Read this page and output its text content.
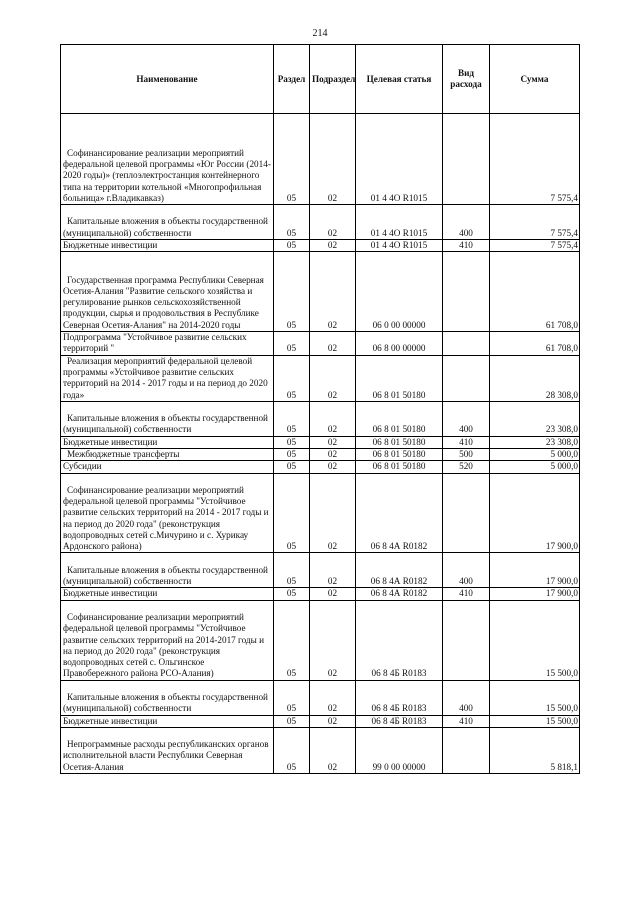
214
Наименование	Раздел	Подраздел	Целевая статья	Вид расхода	Сумма
Софинансирование реализации мероприятий федеральной целевой программы «Юг России (2014-2020 годы)» (теплоэлектростанция контейнерного типа на территории котельной «Многопрофильная больница» г.Владикавказ)	05	02	01 4 4О R1015		7 575,4
Капитальные вложения в объекты государственной (муниципальной) собственности	05	02	01 4 4О R1015	400	7 575,4
Бюджетные инвестиции	05	02	01 4 4О R1015	410	7 575,4
Государственная программа Республики Северная Осетия-Алания "Развитие сельского хозяйства и регулирование рынков сельскохозяйственной продукции, сырья и продовольствия в Республике Северная Осетия-Алания" на 2014-2020 годы	05	02	06 0 00 00000		61 708,0
Подпрограмма "Устойчивое развитие сельских территорий "	05	02	06 8 00 00000		61 708,0
Реализация мероприятий федеральной целевой программы «Устойчивое развитие сельских территорий на 2014 - 2017 годы и на период до 2020 года»	05	02	06 8 01 50180		28 308,0
Капитальные вложения в объекты государственной (муниципальной) собственности	05	02	06 8 01 50180	400	23 308,0
Бюджетные инвестиции	05	02	06 8 01 50180	410	23 308,0
Межбюджетные трансферты	05	02	06 8 01 50180	500	5 000,0
Субсидии	05	02	06 8 01 50180	520	5 000,0
Софинансирование реализации мероприятий федеральной целевой программы "Устойчивое развитие сельских территорий на 2014 - 2017 годы и на период до 2020 года" (реконструкция водопроводных сетей с.Мичурино и с. Хурикау Ардонского района)	05	02	06 8 4А R0182		17 900,0
Капитальные вложения в объекты государственной (муниципальной) собственности	05	02	06 8 4А R0182	400	17 900,0
Бюджетные инвестиции	05	02	06 8 4А R0182	410	17 900,0
Софинансирование реализации мероприятий федеральной целевой программы "Устойчивое развитие сельских территорий на 2014-2017 годы и на период до 2020 года" (реконструкция водопроводных сетей с. Ольгинское Правобережного района РСО-Алания)	05	02	06 8 4Б R0183		15 500,0
Капитальные вложения в объекты государственной (муниципальной) собственности	05	02	06 8 4Б R0183	400	15 500,0
Бюджетные инвестиции	05	02	06 8 4Б R0183	410	15 500,0
Непрограммные расходы республиканских органов исполнительной власти Республики Северная Осетия-Алания	05	02	99 0 00 00000		5 818,1
